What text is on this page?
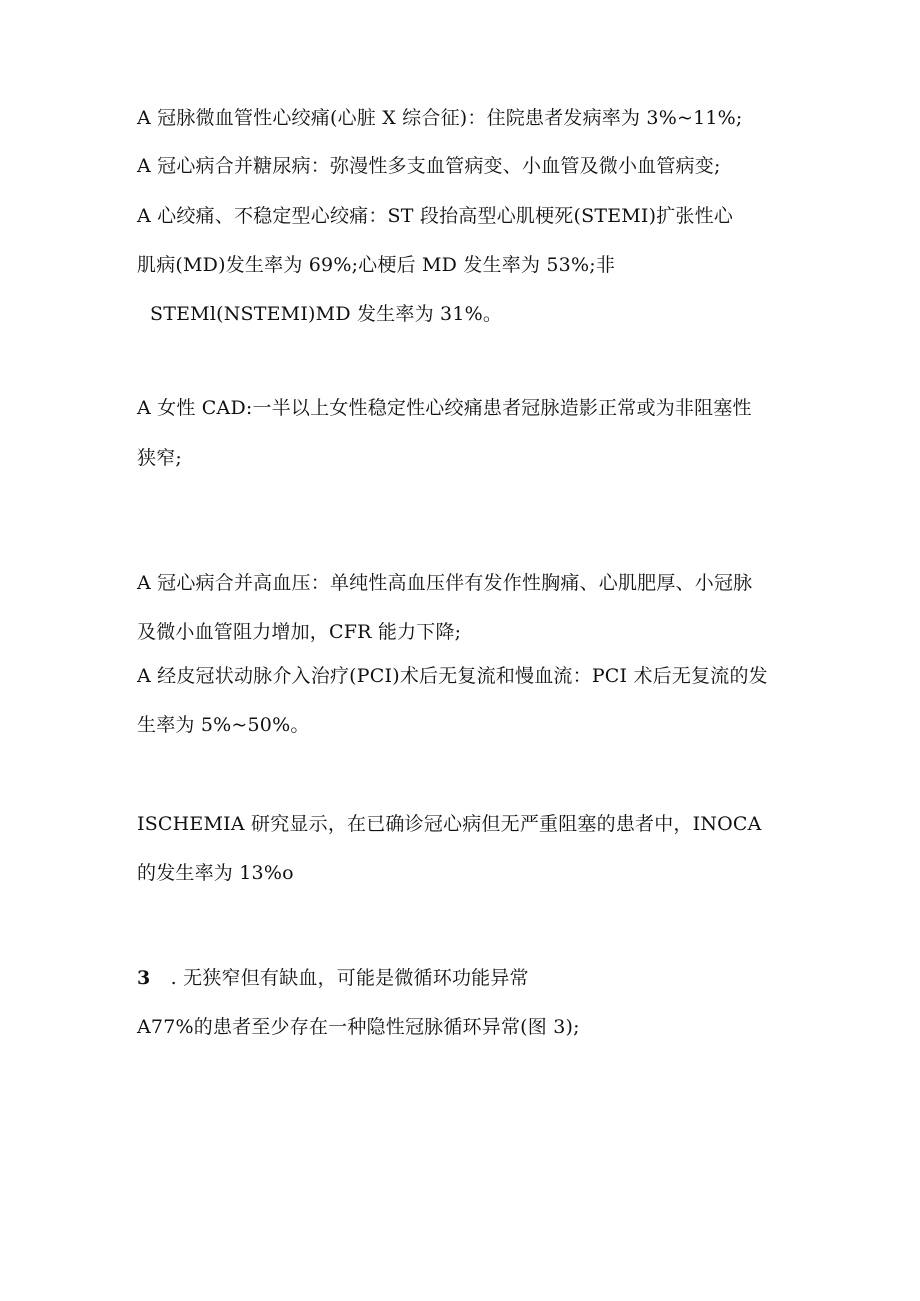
A 冠脉微血管性心绞痛(心脏 X 综合征)：住院患者发病率为 3%~11%;
A 冠心病合并糖尿病：弥漫性多支血管病变、小血管及微小血管病变;
A 心绞痛、不稳定型心绞痛：ST 段抬高型心肌梗死(STEMI)扩张性心
肌病(MD)发生率为 69%;心梗后 MD 发生率为 53%;非
STEMl(NSTEMI)MD 发生率为 31%。
A 女性 CAD:一半以上女性稳定性心绞痛患者冠脉造影正常或为非阻塞性
狭窄;
A 冠心病合并高血压：单纯性高血压伴有发作性胸痛、心肌肥厚、小冠脉
及微小血管阻力增加，CFR 能力下降;
A 经皮冠状动脉介入治疗(PCI)术后无复流和慢血流：PCI 术后无复流的发
生率为 5%~50%。
ISCHEMIA 研究显示，在已确诊冠心病但无严重阻塞的患者中，INOCA
的发生率为 13%o
3 . 无狭窄但有缺血，可能是微循环功能异常
A77%的患者至少存在一种隐性冠脉循环异常(图 3);
